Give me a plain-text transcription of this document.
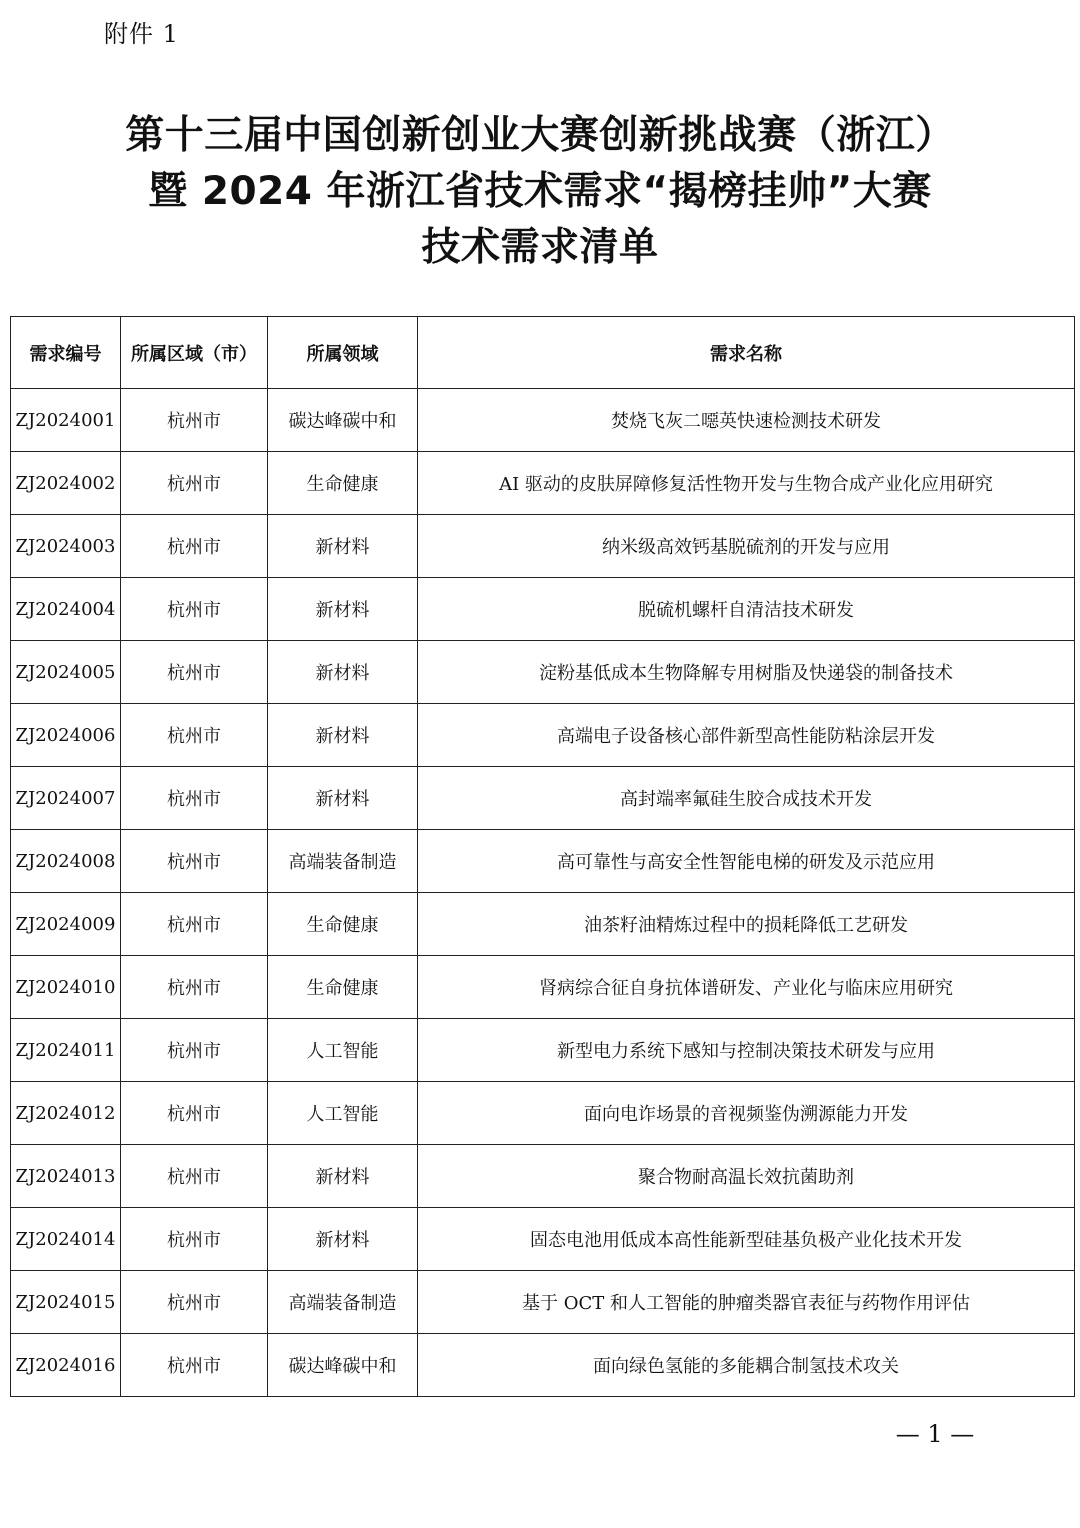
附件 1
第十三届中国创新创业大赛创新挑战赛（浙江）
暨 2024 年浙江省技术需求“揭榜挂帅”大赛
技术需求清单
需求编号	所属区域（市）	所属领域	需求名称
ZJ2024001	杭州市	碳达峰碳中和	焚烧飞灰二噁英快速检测技术研发
ZJ2024002	杭州市	生命健康	AI 驱动的皮肤屏障修复活性物开发与生物合成产业化应用研究
ZJ2024003	杭州市	新材料	纳米级高效钙基脱硫剂的开发与应用
ZJ2024004	杭州市	新材料	脱硫机螺杆自清洁技术研发
ZJ2024005	杭州市	新材料	淀粉基低成本生物降解专用树脂及快递袋的制备技术
ZJ2024006	杭州市	新材料	高端电子设备核心部件新型高性能防粘涂层开发
ZJ2024007	杭州市	新材料	高封端率氟硅生胶合成技术开发
ZJ2024008	杭州市	高端装备制造	高可靠性与高安全性智能电梯的研发及示范应用
ZJ2024009	杭州市	生命健康	油茶籽油精炼过程中的损耗降低工艺研发
ZJ2024010	杭州市	生命健康	肾病综合征自身抗体谱研发、产业化与临床应用研究
ZJ2024011	杭州市	人工智能	新型电力系统下感知与控制决策技术研发与应用
ZJ2024012	杭州市	人工智能	面向电诈场景的音视频鉴伪溯源能力开发
ZJ2024013	杭州市	新材料	聚合物耐高温长效抗菌助剂
ZJ2024014	杭州市	新材料	固态电池用低成本高性能新型硅基负极产业化技术开发
ZJ2024015	杭州市	高端装备制造	基于 OCT 和人工智能的肿瘤类器官表征与药物作用评估
ZJ2024016	杭州市	碳达峰碳中和	面向绿色氢能的多能耦合制氢技术攻关
— 1 —
